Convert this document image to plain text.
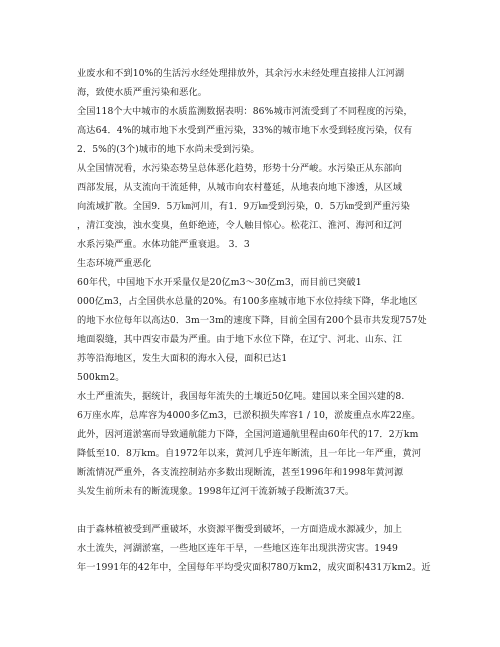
业废水和不到10%的生活污水经处理排放外，其余污水未经处理直接排人江河湖
海，致使水质严重污染和恶化。
全国118个大中城市的水质监测数据表明：86%城市河流受到了不同程度的污染，
高达64．4%的城市地下水受到严重污染，33%的城市地下水受到轻度污染，仅有
2．5%的(3个)城市的地下水尚未受到污染。
从全国情况看，水污染态势呈总体恶化趋势，形势十分严峻。水污染正从东部向
西部发展，从支流向干流延伸，从城市向农村蔓延，从地表向地下渗透，从区域
向流域扩散。全国9．5万㎞河川，有1．9万㎞受到污染，0．5万㎞受到严重污染
，清江变浊，浊水变臭，鱼虾绝迹，令人触目惊心。松花江、淮河、海河和辽河
水系污染严重。水体功能严重衰退。 3．3
生态环境严重恶化
60年代，中国地下水开采量仅是20亿m3～30亿m3，而目前已突破1
000亿m3，占全国供水总量的20%。有100多座城市地下水位持续下降，华北地区
的地下水位每年以高达0．3m一3m的速度下降，目前全国有200个县市共发现757处
地面裂缝，其中西安市最为严重。由于地下水位下降，在辽宁、河北、山东、江
苏等沿海地区，发生大面积的海水入侵，面积已达1
500km2。
水土严重流失，据统计，我国每年流失的土壤近50亿吨。建国以来全国兴建的8.
6万座水库，总库容为4000多亿m3，已淤积损失库容1 / 10，淤废重点水库22座。
此外，因河道淤塞而导致通航能力下降，全国河道通航里程由60年代的17．2万km
降低至10．8万km。自1972年以来，黄河几乎连年断流，且一年比一年严重，黄河
断流情况严重外，各支流控制站亦多数出现断流，甚至1996年和1998年黄河源
头发生前所未有的断流现象。1998年辽河干流新城子段断流37天。
由于森林植被受到严重破坏，水资源平衡受到破坏，一方面造成水源减少，加上
水土流失，河湖淤塞，一些地区连年干旱，一些地区连年出现洪涝灾害。1949
年一1991年的42年中，全国每年平均受灾面积780万km2，成灾面积431万km2。近
